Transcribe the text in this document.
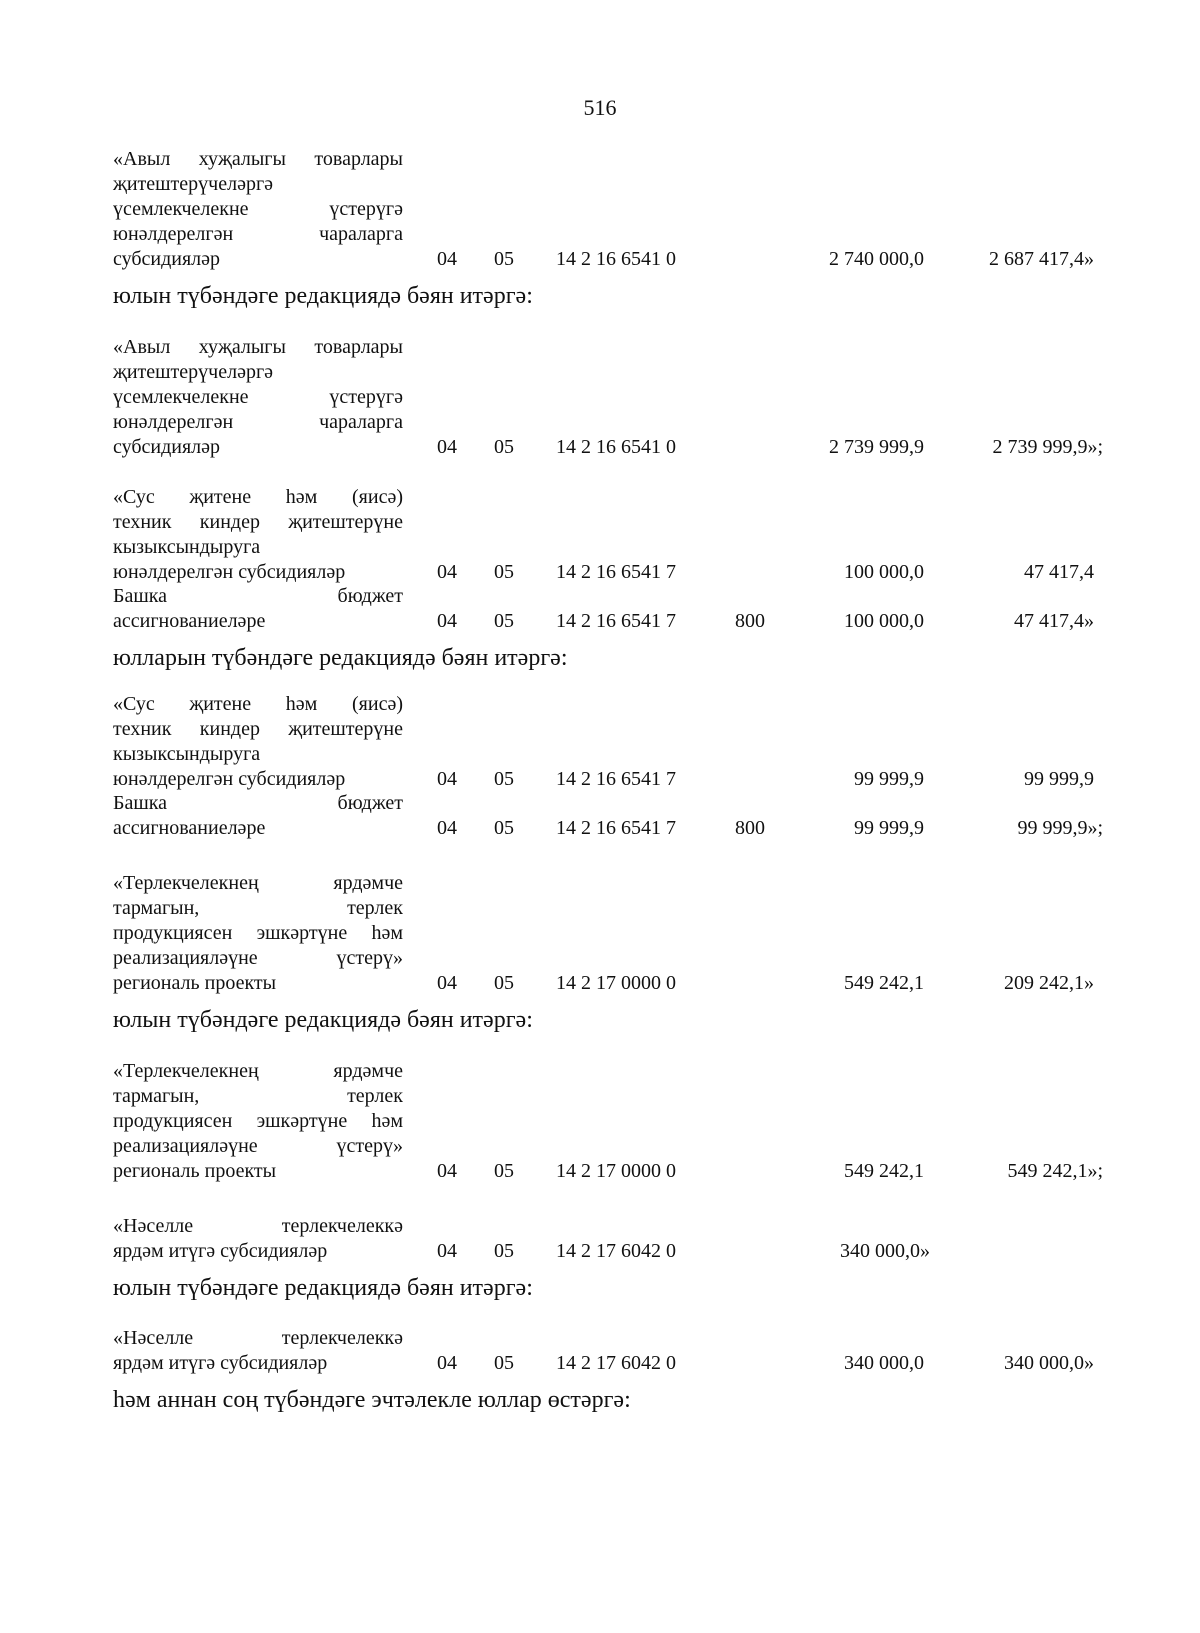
516
«Авыл хуҗалыгы товарлары
җитештерүчеләргә
үсемлекчелекне үстерүгә
юнәлдерелгән чараларга
субсидияләр	04 05 14 2 16 6541 0	2 740 000,0	2 687 417,4»
юлын түбәндәге редакциядә бәян итәргә:
«Авыл хуҗалыгы товарлары
җитештерүчеләргә
үсемлекчелекне үстерүгә
юнәлдерелгән чараларга
субсидияләр	04 05 14 2 16 6541 0	2 739 999,9	2 739 999,9»;
«Сус җитене һәм (яисә)
техник киндер җитештерүне
кызыксындыруга
юнәлдерелгән субсидияләр	04 05 14 2 16 6541 7	100 000,0	47 417,4
Башка бюджет
ассигнованиеләре	04 05 14 2 16 6541 7	800	100 000,0	47 417,4»
юлларын түбәндәге редакциядә бәян итәргә:
«Сус җитене һәм (яисә)
техник киндер җитештерүне
кызыксындыруга
юнәлдерелгән субсидияләр	04 05 14 2 16 6541 7	99 999,9	99 999,9
Башка бюджет
ассигнованиеләре	04 05 14 2 16 6541 7	800	99 999,9	99 999,9»;
«Терлекчелекнең ярдәмче
тармагын, терлек
продукциясен эшкәртүне һәм
реализацияләүне үстерү»
региональ проекты	04 05 14 2 17 0000 0	549 242,1	209 242,1»
юлын түбәндәге редакциядә бәян итәргә:
«Терлекчелекнең ярдәмче
тармагын, терлек
продукциясен эшкәртүне һәм
реализацияләүне үстерү»
региональ проекты	04 05 14 2 17 0000 0	549 242,1	549 242,1»;
«Нәселле терлекчелеккә
ярдәм итүгә субсидияләр	04 05 14 2 17 6042 0	340 000,0»
юлын түбәндәге редакциядә бәян итәргә:
«Нәселле терлекчелеккә
ярдәм итүгә субсидияләр	04 05 14 2 17 6042 0	340 000,0	340 000,0»
һәм аннан соң түбәндәге эчтәлекле юллар өстәргә:
